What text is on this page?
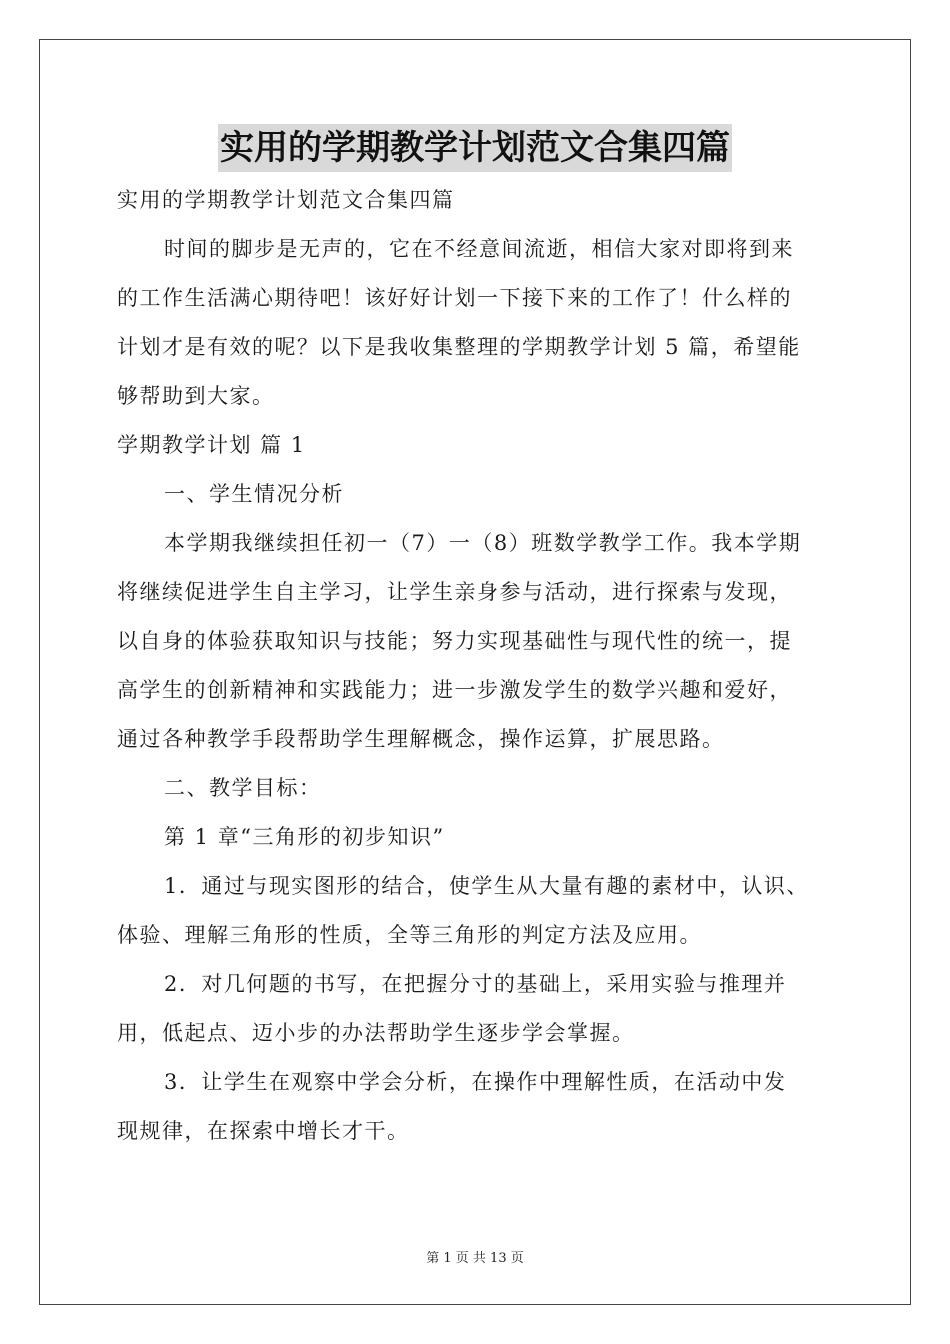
实用的学期教学计划范文合集四篇
实用的学期教学计划范文合集四篇
时间的脚步是无声的，它在不经意间流逝，相信大家对即将到来
的工作生活满心期待吧！该好好计划一下接下来的工作了！什么样的
计划才是有效的呢？以下是我收集整理的学期教学计划 5 篇，希望能
够帮助到大家。
学期教学计划 篇 1
一、学生情况分析
本学期我继续担任初一（7）一（8）班数学教学工作。我本学期
将继续促进学生自主学习，让学生亲身参与活动，进行探索与发现，
以自身的体验获取知识与技能；努力实现基础性与现代性的统一，提
高学生的创新精神和实践能力；进一步激发学生的数学兴趣和爱好，
通过各种教学手段帮助学生理解概念，操作运算，扩展思路。
二、教学目标：
第 1 章“三角形的初步知识”
1．通过与现实图形的结合，使学生从大量有趣的素材中，认识、
体验、理解三角形的性质，全等三角形的判定方法及应用。
2．对几何题的书写，在把握分寸的基础上，采用实验与推理并
用，低起点、迈小步的办法帮助学生逐步学会掌握。
3．让学生在观察中学会分析，在操作中理解性质，在活动中发
现规律，在探索中增长才干。
第 1 页 共 13 页
